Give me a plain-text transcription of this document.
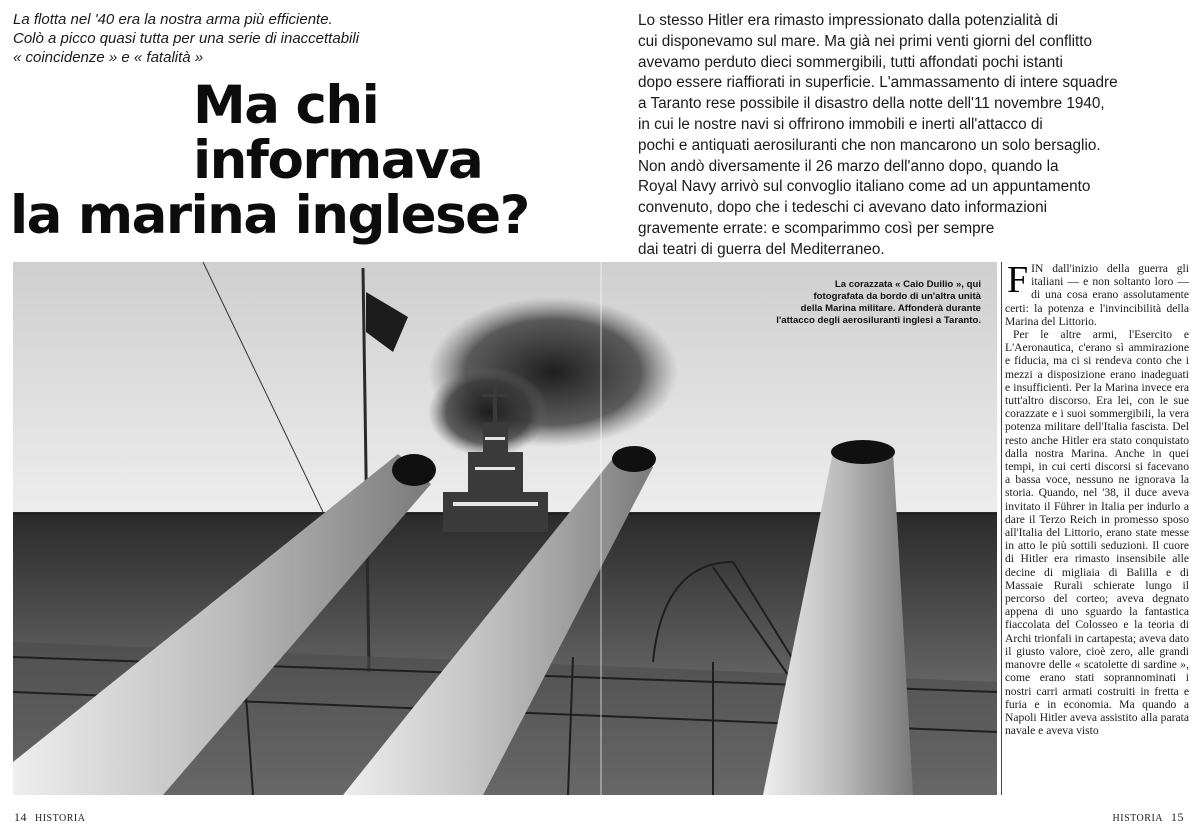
La flotta nel '40 era la nostra arma più efficiente.
Colò a picco quasi tutta per una serie di inaccettabili
« coincidenze » e « fatalità »
Ma chi
informava
la marina inglese?
Lo stesso Hitler era rimasto impressionato dalla potenzialità di
cui disponevamo sul mare. Ma già nei primi venti giorni del conflitto
avevamo perduto dieci sommergibili, tutti affondati pochi istanti
dopo essere riaffiorati in superficie. L'ammassamento di intere squadre
a Taranto rese possibile il disastro della notte dell'11 novembre 1940,
in cui le nostre navi si offrirono immobili e inerti all'attacco di
pochi e antiquati aerosiluranti che non mancarono un solo bersaglio.
Non andò diversamente il 26 marzo dell'anno dopo, quando la
Royal Navy arrivò sul convoglio italiano come ad un appuntamento
convenuto, dopo che i tedeschi ci avevano dato informazioni
gravemente errate: e scomparimmo così per sempre
dai teatri di guerra del Mediterraneo.
La corazzata « Caio Duilio », qui
fotografata da bordo di un'altra unità
della Marina militare. Affonderà durante
l'attacco degli aerosiluranti inglesi a Taranto.
F IN dall'inizio della guerra gli italiani — e non soltanto loro — di una cosa erano assolutamente certi: la potenza e l'invincibilità della Marina del Littorio.

Per le altre armi, l'Esercito e L'Aeronautica, c'erano sì ammirazione e fiducia, ma ci si rendeva conto che i mezzi a disposizione erano inadeguati e insufficienti. Per la Marina invece era tutt'altro discorso. Era lei, con le sue corazzate e i suoi sommergibili, la vera potenza militare dell'Italia fascista. Del resto anche Hitler era stato conquistato dalla nostra Marina. Anche in quei tempi, in cui certi discorsi si facevano a bassa voce, nessuno ne ignorava la storia. Quando, nel '38, il duce aveva invitato il Führer in Italia per indurlo a dare il Terzo Reich in promesso sposo all'Italia del Littorio, erano state messe in atto le più sottili seduzioni. Il cuore di Hitler era rimasto insensibile alle decine di migliaia di Balilla e di Massaie Rurali schierate lungo il percorso del corteo; aveva degnato appena di uno sguardo la fantastica fiaccolata del Colosseo e la teoria di Archi trionfali in cartapesta; aveva dato il giusto valore, cioè zero, alle grandi manovre delle « scatolette di sardine », come erano stati soprannominati i nostri carri armati costruiti in fretta e furia e in economia. Ma quando a Napoli Hitler aveva assistito alla parata navale e aveva visto

14 HISTORIA	HISTORIA 15
